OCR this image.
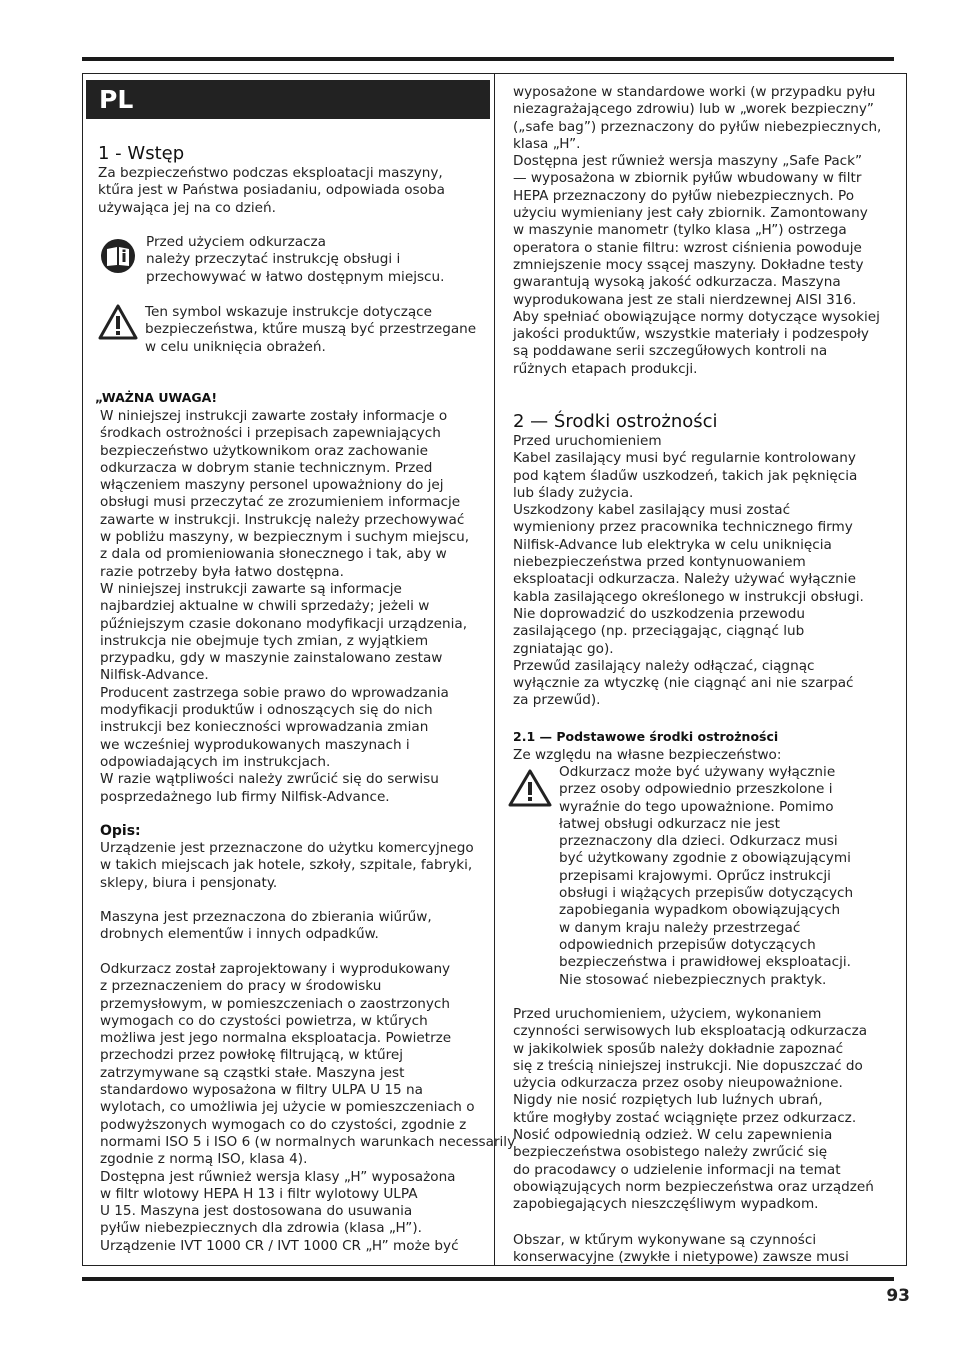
PL
1 - Wstęp
Za bezpieczeństwo podczas eksploatacji maszyny,
ktűra jest w Państwa posiadaniu, odpowiada osoba
używająca jej na co dzień.
Przed użyciem odkurzacza
należy przeczytać instrukcję obsługi i
przechowywać w łatwo dostępnym miejscu.
Ten symbol wskazuje instrukcje dotyczące
bezpieczeństwa, ktűre muszą być przestrzegane
w celu uniknięcia obrażeń.
„WAŻNA UWAGA!
W niniejszej instrukcji zawarte zostały informacje o
środkach ostrożności i przepisach zapewniających
bezpieczeństwo użytkownikom oraz zachowanie
odkurzacza w dobrym stanie technicznym. Przed
włączeniem maszyny personel upoważniony do jej
obsługi musi przeczytać ze zrozumieniem informacje
zawarte w instrukcji. Instrukcję należy przechowywać
w pobliżu maszyny, w bezpiecznym i suchym miejscu,
z dala od promieniowania słonecznego i tak, aby w
razie potrzeby była łatwo dostępna.
W niniejszej instrukcji zawarte są informacje
najbardziej aktualne w chwili sprzedaży; jeżeli w
pűźniejszym czasie dokonano modyfikacji urządzenia,
instrukcja nie obejmuje tych zmian, z wyjątkiem
przypadku, gdy w maszynie zainstalowano zestaw
Nilfisk-Advance.
Producent zastrzega sobie prawo do wprowadzania
modyfikacji produktűw i odnoszących się do nich
instrukcji bez konieczności wprowadzania zmian
we wcześniej wyprodukowanych maszynach i
odpowiadających im instrukcjach.
W razie wątpliwości należy zwrűcić się do serwisu
posprzedażnego lub firmy Nilfisk-Advance.
Opis:
Urządzenie jest przeznaczone do użytku komercyjnego
w takich miejscach jak hotele, szkoły, szpitale, fabryki,
sklepy, biura i pensjonaty.
Maszyna jest przeznaczona do zbierania wiűrűw,
drobnych elementűw i innych odpadkűw.
Odkurzacz został zaprojektowany i wyprodukowany
z przeznaczeniem do pracy w środowisku
przemysłowym, w pomieszczeniach o zaostrzonych
wymogach co do czystości powietrza, w ktűrych
możliwa jest jego normalna eksploatacja. Powietrze
przechodzi przez powłokę filtrującą, w ktűrej
zatrzymywane są cząstki stałe. Maszyna jest
standardowo wyposażona w filtry ULPA U 15 na
wylotach, co umożliwia jej użycie w pomieszczeniach o
podwyższonych wymogach co do czystości, zgodnie z
normami ISO 5 i ISO 6 (w normalnych warunkach necessarily
zgodnie z normą ISO, klasa 4).
Dostępna jest rűwnież wersja klasy „H” wyposażona
w filtr wlotowy HEPA H 13 i filtr wylotowy ULPA
U 15. Maszyna jest dostosowana do usuwania
pyłűw niebezpiecznych dla zdrowia (klasa „H”).
Urządzenie IVT 1000 CR / IVT 1000 CR „H” może być
wyposażone w standardowe worki (w przypadku pyłu
niezagrażającego zdrowiu) lub w „worek bezpieczny”
(„safe bag”) przeznaczony do pyłűw niebezpiecznych,
klasa „H”.
Dostępna jest rűwnież wersja maszyny „Safe Pack”
— wyposażona w zbiornik pyłűw wbudowany w filtr
HEPA przeznaczony do pyłűw niebezpiecznych. Po
użyciu wymieniany jest cały zbiornik. Zamontowany
w maszynie manometr (tylko klasa „H”) ostrzega
operatora o stanie filtru: wzrost ciśnienia powoduje
zmniejszenie mocy ssącej maszyny. Dokładne testy
gwarantują wysoką jakość odkurzacza. Maszyna
wyprodukowana jest ze stali nierdzewnej AISI 316.
Aby spełniać obowiązujące normy dotyczące wysokiej
jakości produktűw, wszystkie materiały i podzespoły
są poddawane serii szczegűłowych kontroli na
rűżnych etapach produkcji.
2 — Środki ostrożności
Przed uruchomieniem
Kabel zasilający musi być regularnie kontrolowany
pod kątem śladűw uszkodzeń, takich jak pęknięcia
lub ślady zużycia.
Uszkodzony kabel zasilający musi zostać
wymieniony przez pracownika technicznego firmy
Nilfisk-Advance lub elektryka w celu uniknięcia
niebezpieczeństwa przed kontynuowaniem
eksploatacji odkurzacza. Należy używać wyłącznie
kabla zasilającego określonego w instrukcji obsługi.
Nie doprowadzić do uszkodzenia przewodu
zasilającego (np. przeciągając, ciągnąć lub
zgniatając go).
Przewűd zasilający należy odłączać, ciągnąc
wyłącznie za wtyczkę (nie ciągnąć ani nie szarpać
za przewűd).
2.1 — Podstawowe środki ostrożności
Ze względu na własne bezpieczeństwo:
Odkurzacz może być używany wyłącznie
przez osoby odpowiednio przeszkolone i
wyraźnie do tego upoważnione. Pomimo
łatwej obsługi odkurzacz nie jest
przeznaczony dla dzieci. Odkurzacz musi
być użytkowany zgodnie z obowiązującymi
przepisami krajowymi. Oprűcz instrukcji
obsługi i wiążących przepisűw dotyczących
zapobiegania wypadkom obowiązujących
w danym kraju należy przestrzegać
odpowiednich przepisűw dotyczących
bezpieczeństwa i prawidłowej eksploatacji.
Nie stosować niebezpiecznych praktyk.
Przed uruchomieniem, użyciem, wykonaniem
czynności serwisowych lub eksploatacją odkurzacza
w jakikolwiek sposűb należy dokładnie zapoznać
się z treścią niniejszej instrukcji. Nie dopuszczać do
użycia odkurzacza przez osoby nieupoważnione.
Nigdy nie nosić rozpiętych lub luźnych ubrań,
ktűre mogłyby zostać wciągnięte przez odkurzacz.
Nosić odpowiednią odzież. W celu zapewnienia
bezpieczeństwa osobistego należy zwrűcić się
do pracodawcy o udzielenie informacji na temat
obowiązujących norm bezpieczeństwa oraz urządzeń
zapobiegających nieszczęśliwym wypadkom.
Obszar, w ktűrym wykonywane są czynności
konserwacyjne (zwykłe i nietypowe) zawsze musi
93
